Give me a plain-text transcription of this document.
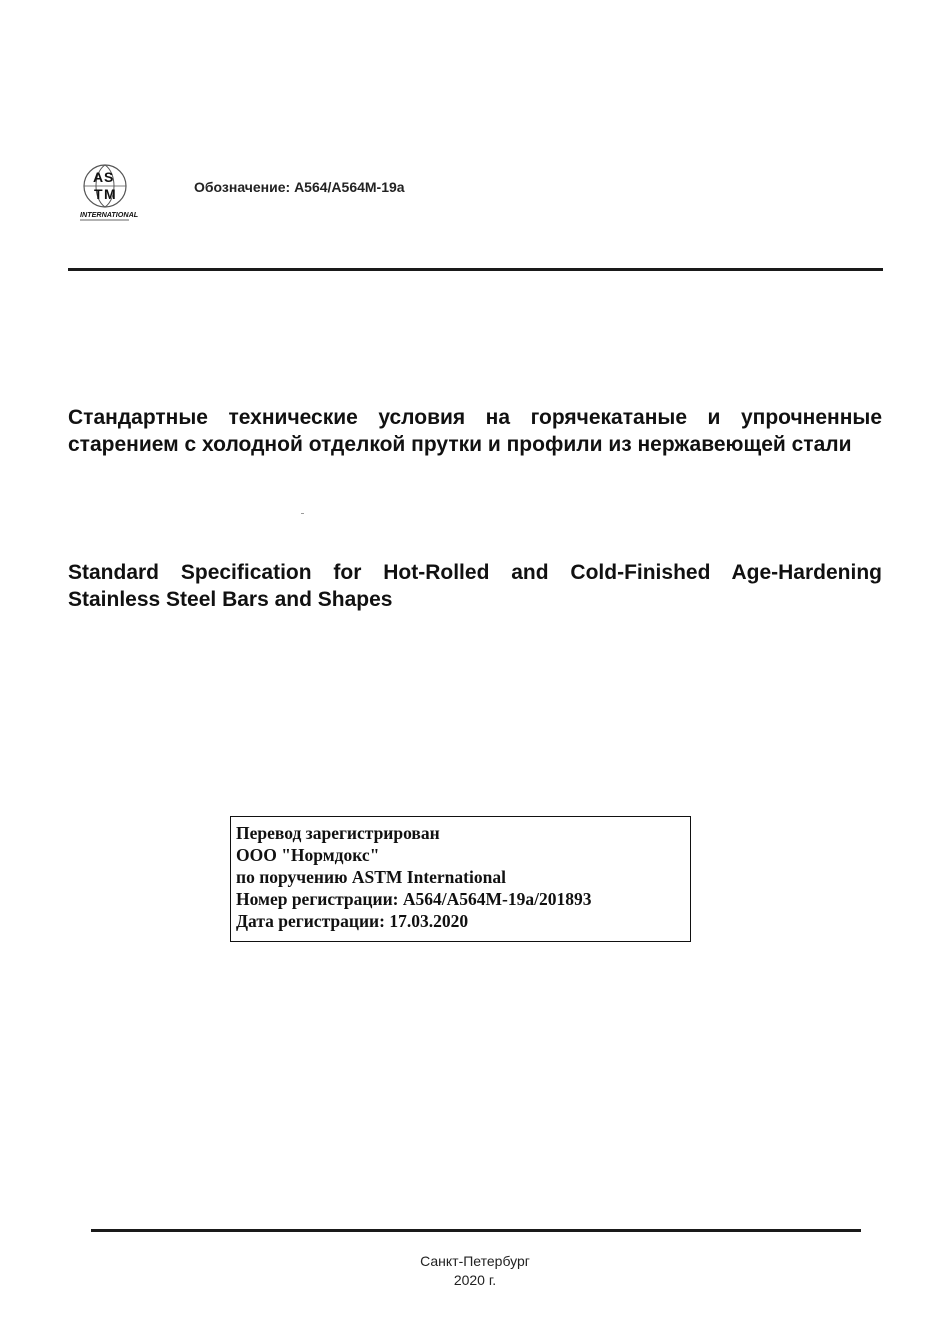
A S
T M
INTERNATIONAL
Обозначение: A564/A564M-19a
Стандартные технические условия на горячекатаные и упрочненные старением с холодной отделкой прутки и профили из нержавеющей стали
Standard Specification for Hot-Rolled and Cold-Finished Age-Hardening Stainless Steel Bars and Shapes
Перевод зарегистрирован
ООО "Нормдокс"
по поручению ASTM International
Номер регистрации: A564/A564M-19a/201893
Дата регистрации: 17.03.2020
Санкт-Петербург
2020 г.
